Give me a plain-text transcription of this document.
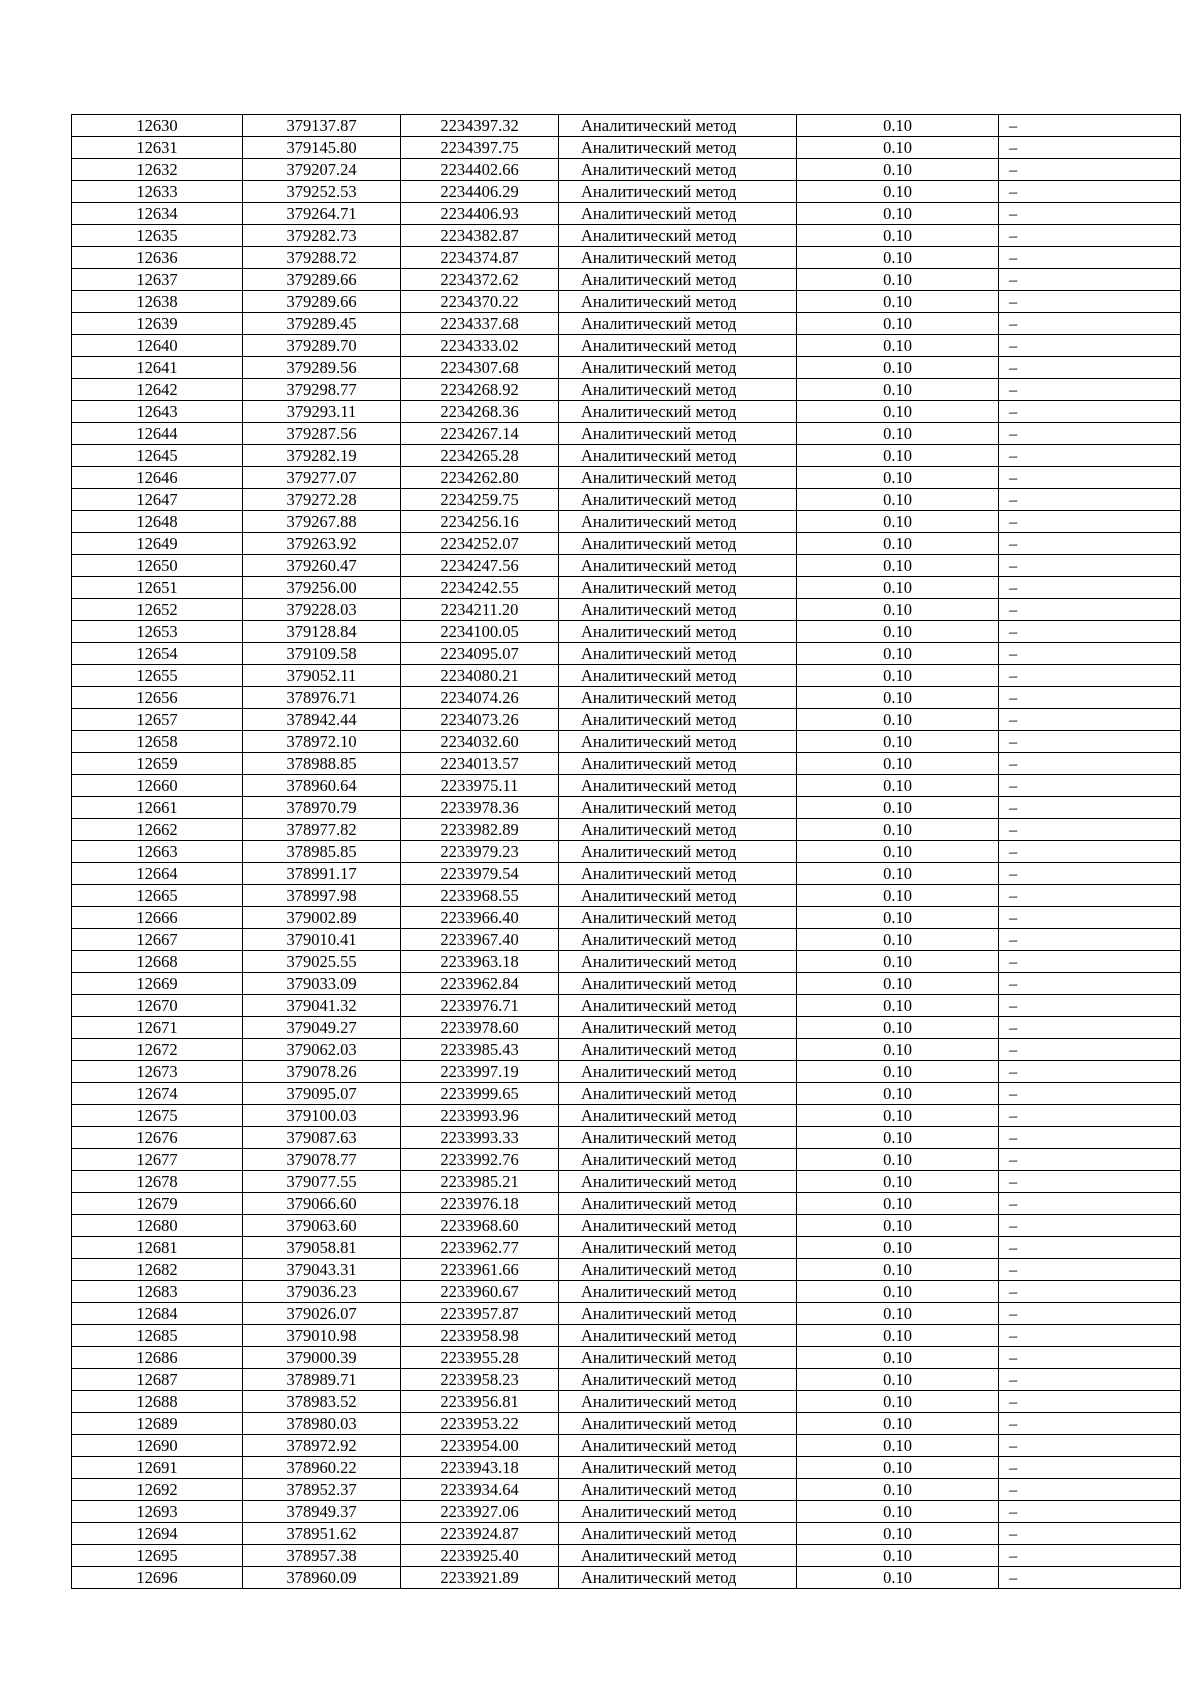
12630	379137.87	2234397.32	Аналитический метод	0.10	–
12631	379145.80	2234397.75	Аналитический метод	0.10	–
12632	379207.24	2234402.66	Аналитический метод	0.10	–
12633	379252.53	2234406.29	Аналитический метод	0.10	–
12634	379264.71	2234406.93	Аналитический метод	0.10	–
12635	379282.73	2234382.87	Аналитический метод	0.10	–
12636	379288.72	2234374.87	Аналитический метод	0.10	–
12637	379289.66	2234372.62	Аналитический метод	0.10	–
12638	379289.66	2234370.22	Аналитический метод	0.10	–
12639	379289.45	2234337.68	Аналитический метод	0.10	–
12640	379289.70	2234333.02	Аналитический метод	0.10	–
12641	379289.56	2234307.68	Аналитический метод	0.10	–
12642	379298.77	2234268.92	Аналитический метод	0.10	–
12643	379293.11	2234268.36	Аналитический метод	0.10	–
12644	379287.56	2234267.14	Аналитический метод	0.10	–
12645	379282.19	2234265.28	Аналитический метод	0.10	–
12646	379277.07	2234262.80	Аналитический метод	0.10	–
12647	379272.28	2234259.75	Аналитический метод	0.10	–
12648	379267.88	2234256.16	Аналитический метод	0.10	–
12649	379263.92	2234252.07	Аналитический метод	0.10	–
12650	379260.47	2234247.56	Аналитический метод	0.10	–
12651	379256.00	2234242.55	Аналитический метод	0.10	–
12652	379228.03	2234211.20	Аналитический метод	0.10	–
12653	379128.84	2234100.05	Аналитический метод	0.10	–
12654	379109.58	2234095.07	Аналитический метод	0.10	–
12655	379052.11	2234080.21	Аналитический метод	0.10	–
12656	378976.71	2234074.26	Аналитический метод	0.10	–
12657	378942.44	2234073.26	Аналитический метод	0.10	–
12658	378972.10	2234032.60	Аналитический метод	0.10	–
12659	378988.85	2234013.57	Аналитический метод	0.10	–
12660	378960.64	2233975.11	Аналитический метод	0.10	–
12661	378970.79	2233978.36	Аналитический метод	0.10	–
12662	378977.82	2233982.89	Аналитический метод	0.10	–
12663	378985.85	2233979.23	Аналитический метод	0.10	–
12664	378991.17	2233979.54	Аналитический метод	0.10	–
12665	378997.98	2233968.55	Аналитический метод	0.10	–
12666	379002.89	2233966.40	Аналитический метод	0.10	–
12667	379010.41	2233967.40	Аналитический метод	0.10	–
12668	379025.55	2233963.18	Аналитический метод	0.10	–
12669	379033.09	2233962.84	Аналитический метод	0.10	–
12670	379041.32	2233976.71	Аналитический метод	0.10	–
12671	379049.27	2233978.60	Аналитический метод	0.10	–
12672	379062.03	2233985.43	Аналитический метод	0.10	–
12673	379078.26	2233997.19	Аналитический метод	0.10	–
12674	379095.07	2233999.65	Аналитический метод	0.10	–
12675	379100.03	2233993.96	Аналитический метод	0.10	–
12676	379087.63	2233993.33	Аналитический метод	0.10	–
12677	379078.77	2233992.76	Аналитический метод	0.10	–
12678	379077.55	2233985.21	Аналитический метод	0.10	–
12679	379066.60	2233976.18	Аналитический метод	0.10	–
12680	379063.60	2233968.60	Аналитический метод	0.10	–
12681	379058.81	2233962.77	Аналитический метод	0.10	–
12682	379043.31	2233961.66	Аналитический метод	0.10	–
12683	379036.23	2233960.67	Аналитический метод	0.10	–
12684	379026.07	2233957.87	Аналитический метод	0.10	–
12685	379010.98	2233958.98	Аналитический метод	0.10	–
12686	379000.39	2233955.28	Аналитический метод	0.10	–
12687	378989.71	2233958.23	Аналитический метод	0.10	–
12688	378983.52	2233956.81	Аналитический метод	0.10	–
12689	378980.03	2233953.22	Аналитический метод	0.10	–
12690	378972.92	2233954.00	Аналитический метод	0.10	–
12691	378960.22	2233943.18	Аналитический метод	0.10	–
12692	378952.37	2233934.64	Аналитический метод	0.10	–
12693	378949.37	2233927.06	Аналитический метод	0.10	–
12694	378951.62	2233924.87	Аналитический метод	0.10	–
12695	378957.38	2233925.40	Аналитический метод	0.10	–
12696	378960.09	2233921.89	Аналитический метод	0.10	–
